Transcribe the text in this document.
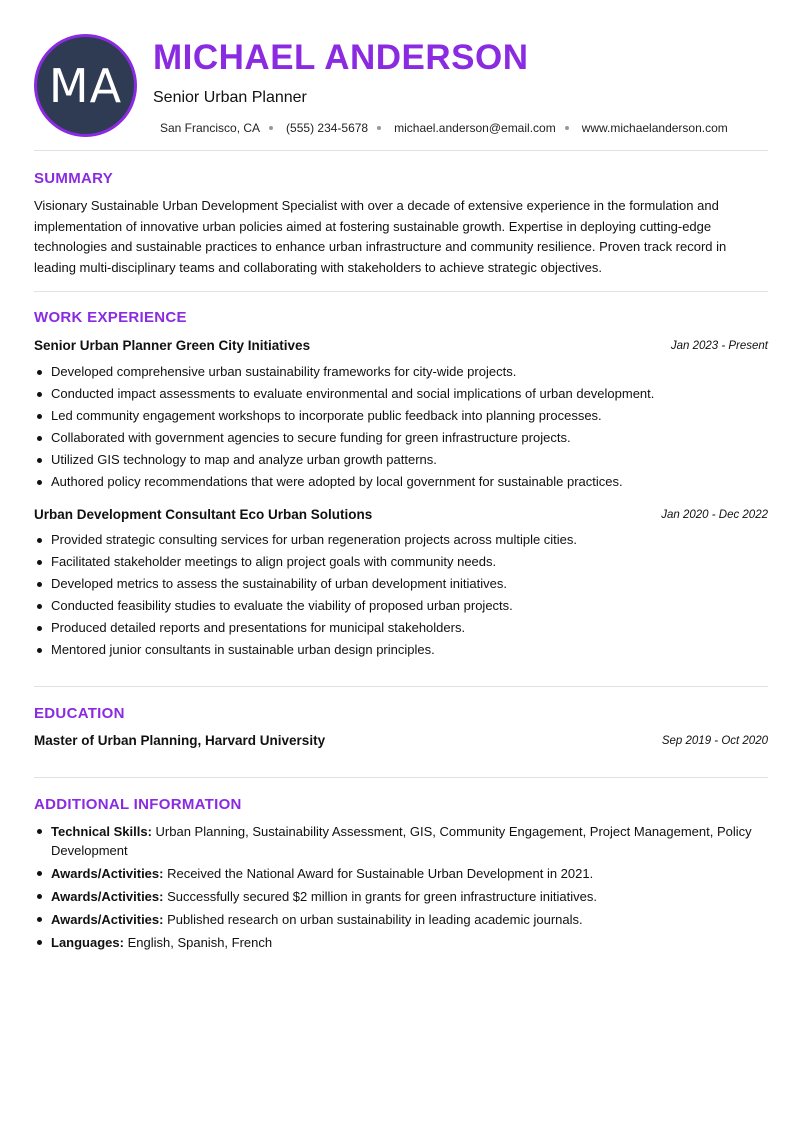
MA
MICHAEL ANDERSON
Senior Urban Planner
San Francisco, CA (555) 234-5678 michael.anderson@email.com www.michaelanderson.com
SUMMARY

Visionary Sustainable Urban Development Specialist with over a decade of extensive experience in the formulation and implementation of innovative urban policies aimed at fostering sustainable growth. Expertise in deploying cutting-edge technologies and sustainable practices to enhance urban infrastructure and community resilience. Proven track record in leading multi-disciplinary teams and collaborating with stakeholders to achieve strategic objectives.

WORK EXPERIENCE
Senior Urban Planner Green City Initiatives	Jan 2023 - Present
Developed comprehensive urban sustainability frameworks for city-wide projects.
Conducted impact assessments to evaluate environmental and social implications of urban development.
Led community engagement workshops to incorporate public feedback into planning processes.
Collaborated with government agencies to secure funding for green infrastructure projects.
Utilized GIS technology to map and analyze urban growth patterns.
Authored policy recommendations that were adopted by local government for sustainable practices.
Urban Development Consultant Eco Urban Solutions	Jan 2020 - Dec 2022
Provided strategic consulting services for urban regeneration projects across multiple cities.
Facilitated stakeholder meetings to align project goals with community needs.
Developed metrics to assess the sustainability of urban development initiatives.
Conducted feasibility studies to evaluate the viability of proposed urban projects.
Produced detailed reports and presentations for municipal stakeholders.
Mentored junior consultants in sustainable urban design principles.
EDUCATION
Master of Urban Planning, Harvard University	Sep 2019 - Oct 2020
ADDITIONAL INFORMATION
Technical Skills: Urban Planning, Sustainability Assessment, GIS, Community Engagement, Project Management, Policy Development
Awards/Activities: Received the National Award for Sustainable Urban Development in 2021.
Awards/Activities: Successfully secured $2 million in grants for green infrastructure initiatives.
Awards/Activities: Published research on urban sustainability in leading academic journals.
Languages: English, Spanish, French
